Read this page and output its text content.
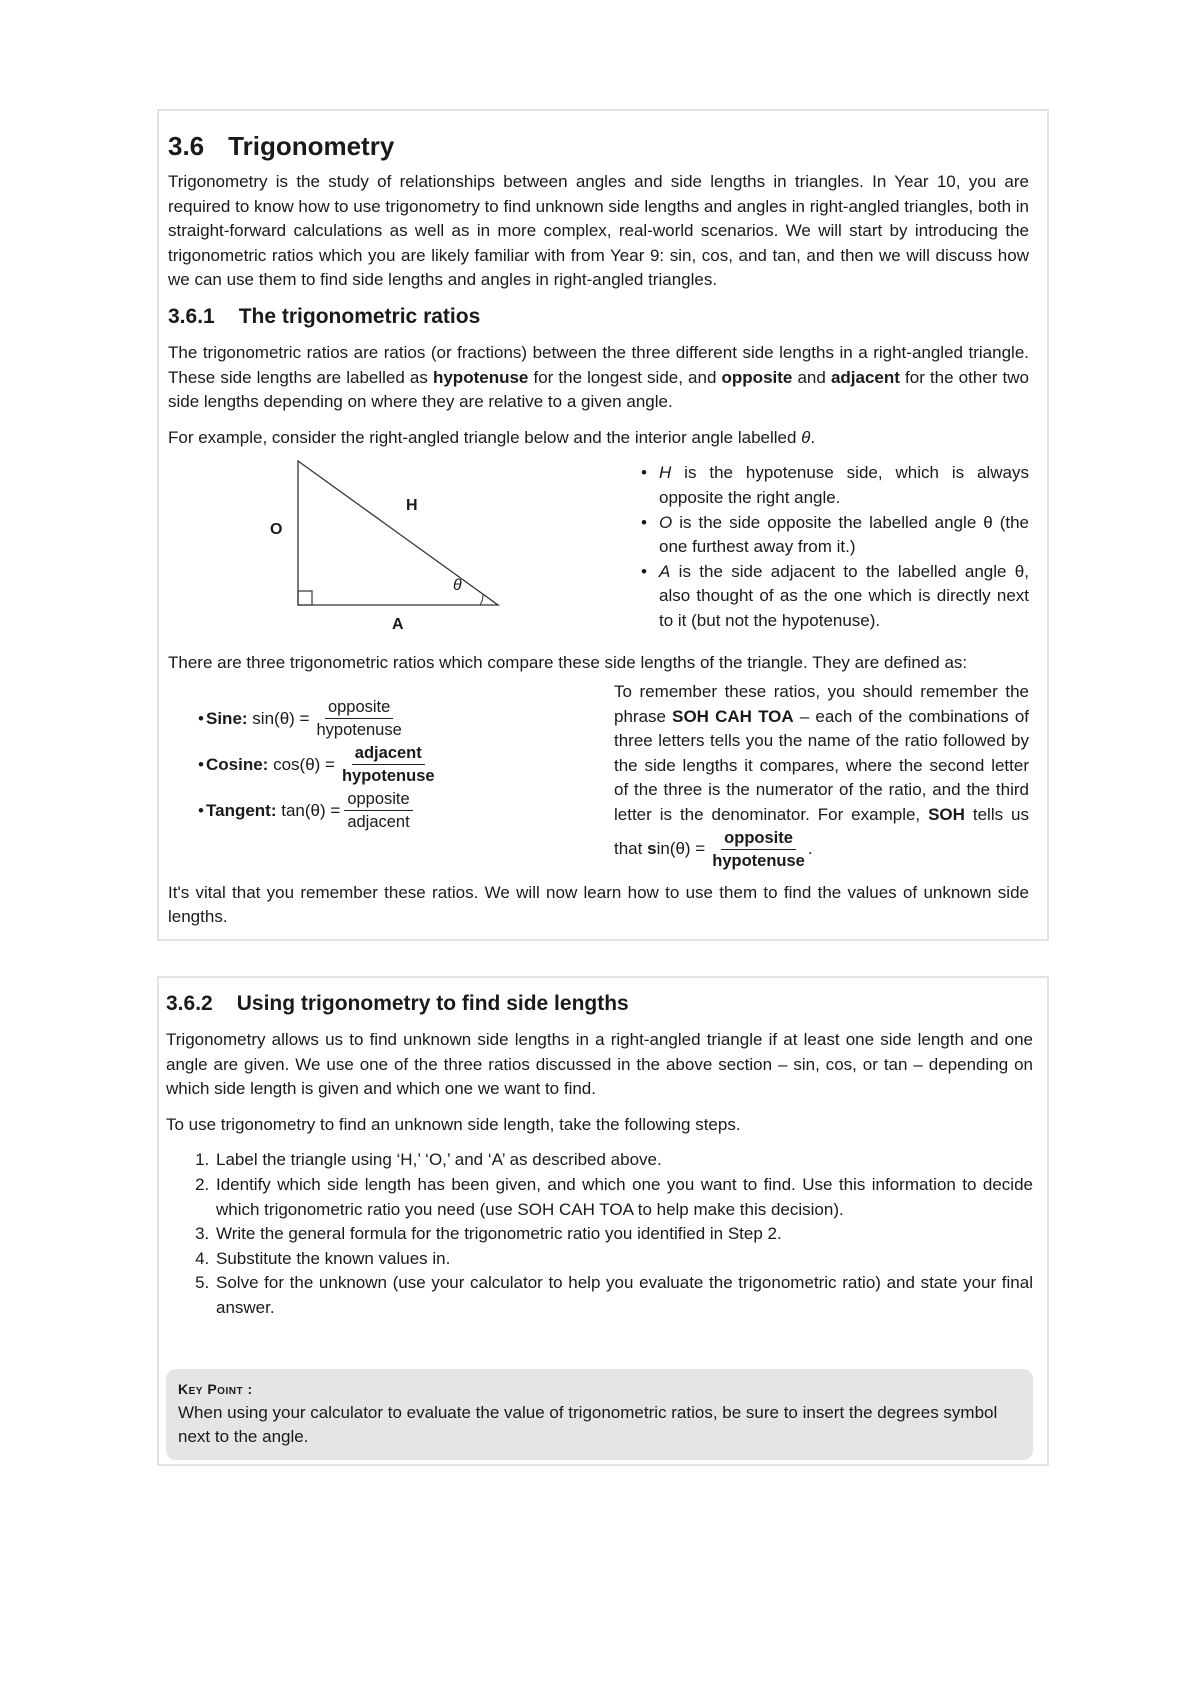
3.6 Trigonometry

Trigonometry is the study of relationships between angles and side lengths in triangles. In Year 10, you are required to know how to use trigonometry to find unknown side lengths and angles in right-angled triangles, both in straight-forward calculations as well as in more complex, real-world scenarios. We will start by introducing the trigonometric ratios which you are likely familiar with from Year 9: sin, cos, and tan, and then we will discuss how we can use them to find side lengths and angles in right-angled triangles.

3.6.1 The trigonometric ratios

The trigonometric ratios are ratios (or fractions) between the three different side lengths in a right-angled triangle. These side lengths are labelled as hypotenuse for the longest side, and opposite and adjacent for the other two side lengths depending on where they are relative to a given angle.

For example, consider the right-angled triangle below and the interior angle labelled θ.

O
H
A
θ
• H is the hypotenuse side, which is always opposite the right angle.
• O is the side opposite the labelled angle θ (the one furthest away from it.)
• A is the side adjacent to the labelled angle θ, also thought of as the one which is directly next to it (but not the hypotenuse).

There are three trigonometric ratios which compare these side lengths of the triangle. They are defined as:

• Sine:
$\sin(\theta) = \frac{\text{opposite}}{\text{hypotenuse}}$
• Cosine:
$\cos(\theta) = \frac{\text{adjacent}}{\text{hypotenuse}}$
• Tangent:
$\tan(\theta) = \frac{\text{opposite}}{\text{adjacent}}$

To remember these ratios, you should remember the phrase SOH CAH TOA – each of the combinations of three letters tells you the name of the ratio followed by the side lengths it compares, where the second letter of the three is the numerator of the ratio, and the third letter is the denominator. For example, SOH tells us that $\sin(\theta) = \frac{\text{opposite}}{\text{hypotenuse}}$ .

It's vital that you remember these ratios. We will now learn how to use them to find the values of unknown side lengths.

3.6.2 Using trigonometry to find side lengths

Trigonometry allows us to find unknown side lengths in a right-angled triangle if at least one side length and one angle are given. We use one of the three ratios discussed in the above section – sin, cos, or tan – depending on which side length is given and which one we want to find.

To use trigonometry to find an unknown side length, take the following steps.

1. Label the triangle using ‘H,’ ‘O,’ and ‘A’ as described above.
2. Identify which side length has been given, and which one you want to find. Use this information to decide which trigonometric ratio you need (use SOH CAH TOA to help make this decision).
3. Write the general formula for the trigonometric ratio you identified in Step 2.
4. Substitute the known values in.
5. Solve for the unknown (use your calculator to help you evaluate the trigonometric ratio) and state your final answer.
Key Point :
When using your calculator to evaluate the value of trigonometric ratios, be sure to insert the degrees symbol next to the angle.
